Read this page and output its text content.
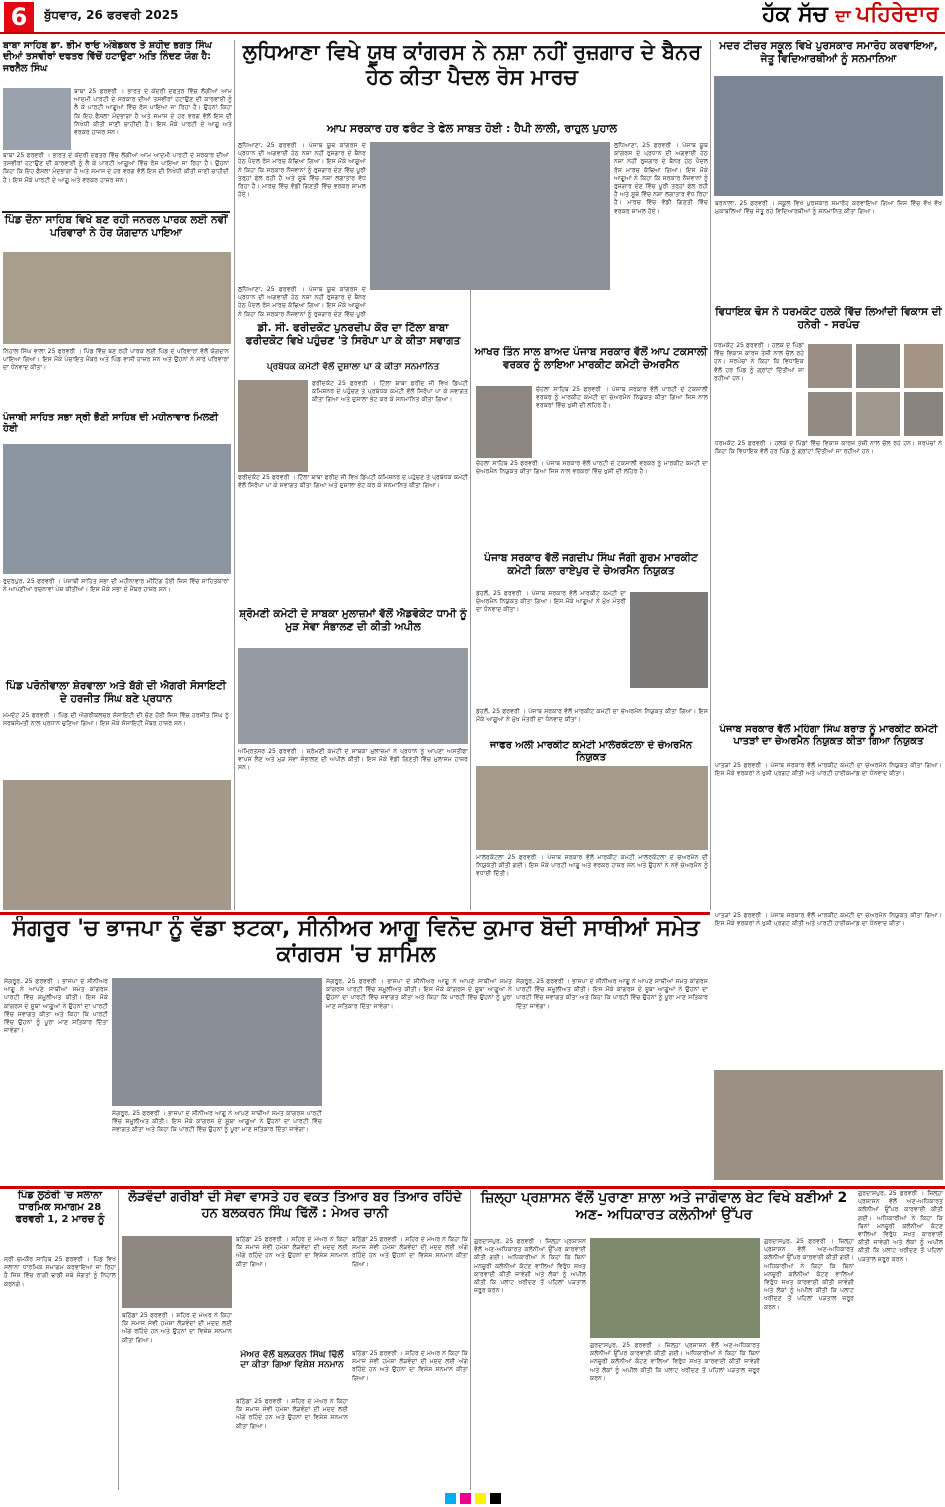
6	ਬੁੱਧਵਾਰ, 26 ਫਰਵਰੀ 2025	ਹੱਕ ਸੱਚ ਦਾ ਪਹਿਰੇਦਾਰ
ਬਾਬਾ ਸਾਹਿਬ ਡਾ. ਭੀਮ ਰਾਓ ਅੰਬੇਡਕਰ ਤੇ ਸ਼ਹੀਦ ਭਗਤ ਸਿੰਘ ਦੀਆਂ ਤਸਵੀਰਾਂ ਦਫਤਰ ਵਿੱਚੋਂ ਹਟਾਉਣਾ ਅਤਿ ਨਿੰਦਣ ਯੋਗ ਹੈ: ਜਰਨੈਲ ਸਿੰਘ
ਬਾਬਾ 25 ਫਰਵਰੀ । ਭਾਰਤ ਦੇ ਕੇਂਦਰੀ ਦਫਤਰ ਵਿੱਚ ਲੱਗੀਆਂ ਆਮ ਆਦਮੀ ਪਾਰਟੀ ਦੇ ਸਰਕਾਰ ਦੀਆਂ ਤਸਵੀਰਾਂ ਹਟਾਉਣ ਦੀ ਕਾਰਵਾਈ ਨੂੰ ਲੈ ਕੇ ਪਾਰਟੀ ਆਗੂਆਂ ਵਿੱਚ ਰੋਸ ਪਾਇਆ ਜਾ ਰਿਹਾ ਹੈ। ਉਹਨਾਂ ਕਿਹਾ ਕਿ ਇਹ ਫੈਸਲਾ ਮੰਦਭਾਗਾ ਹੈ ਅਤੇ ਸਮਾਜ ਦੇ ਹਰ ਵਰਗ ਵੱਲੋਂ ਇਸ ਦੀ ਨਿਖੇਧੀ ਕੀਤੀ ਜਾਣੀ ਚਾਹੀਦੀ ਹੈ। ਇਸ ਮੌਕੇ ਪਾਰਟੀ ਦੇ ਆਗੂ ਅਤੇ ਵਰਕਰ ਹਾਜ਼ਰ ਸਨ।
ਬਾਬਾ 25 ਫਰਵਰੀ । ਭਾਰਤ ਦੇ ਕੇਂਦਰੀ ਦਫਤਰ ਵਿੱਚ ਲੱਗੀਆਂ ਆਮ ਆਦਮੀ ਪਾਰਟੀ ਦੇ ਸਰਕਾਰ ਦੀਆਂ ਤਸਵੀਰਾਂ ਹਟਾਉਣ ਦੀ ਕਾਰਵਾਈ ਨੂੰ ਲੈ ਕੇ ਪਾਰਟੀ ਆਗੂਆਂ ਵਿੱਚ ਰੋਸ ਪਾਇਆ ਜਾ ਰਿਹਾ ਹੈ। ਉਹਨਾਂ ਕਿਹਾ ਕਿ ਇਹ ਫੈਸਲਾ ਮੰਦਭਾਗਾ ਹੈ ਅਤੇ ਸਮਾਜ ਦੇ ਹਰ ਵਰਗ ਵੱਲੋਂ ਇਸ ਦੀ ਨਿਖੇਧੀ ਕੀਤੀ ਜਾਣੀ ਚਾਹੀਦੀ ਹੈ। ਇਸ ਮੌਕੇ ਪਾਰਟੀ ਦੇ ਆਗੂ ਅਤੇ ਵਰਕਰ ਹਾਜ਼ਰ ਸਨ।
ਪਿੰਡ ਦੌਨਾ ਸਾਹਿਬ ਵਿਖੇ ਬਣ ਰਹੀ ਜਨਰਲ ਪਾਰਕ ਲਈ ਨਵੀਂ ਪਰਿਵਾਰਾਂ ਨੇ ਹੋਰ ਯੋਗਦਾਨ ਪਾਇਆ
ਨਿਹਾਲ ਸਿੰਘ ਵਾਲਾ 25 ਫਰਵਰੀ । ਪਿੰਡ ਵਿੱਚ ਬਣ ਰਹੀ ਪਾਰਕ ਲਈ ਪਿੰਡ ਦੇ ਪਰਿਵਾਰਾਂ ਵੱਲੋਂ ਯੋਗਦਾਨ ਪਾਇਆ ਗਿਆ। ਇਸ ਮੌਕੇ ਪੰਚਾਇਤ ਮੈਂਬਰ ਅਤੇ ਪਿੰਡ ਵਾਸੀ ਹਾਜ਼ਰ ਸਨ ਅਤੇ ਉਹਨਾਂ ਨੇ ਸਾਰੇ ਪਰਿਵਾਰਾਂ ਦਾ ਧੰਨਵਾਦ ਕੀਤਾ।
ਪੰਜਾਬੀ ਸਾਹਿਤ ਸਭਾ ਸ੍ਰੀ ਭੈਣੀ ਸਾਹਿਬ ਦੀ ਮਹੀਨਾਵਾਰ ਮਿਲਣੀ ਹੋਈ
ਰੁਦਰਪੁਰ, 25 ਫਰਵਰੀ । ਪੰਜਾਬੀ ਸਾਹਿਤ ਸਭਾ ਦੀ ਮਹੀਨਾਵਾਰ ਮੀਟਿੰਗ ਹੋਈ ਜਿਸ ਵਿੱਚ ਸਾਹਿਤਕਾਰਾਂ ਨੇ ਆਪਣੀਆਂ ਰਚਨਾਵਾਂ ਪੇਸ਼ ਕੀਤੀਆਂ। ਇਸ ਮੌਕੇ ਸਭਾ ਦੇ ਮੈਂਬਰ ਹਾਜ਼ਰ ਸਨ।
ਪਿੰਡ ਪਰੋਨੀਵਾਲਾ ਸ਼ੇਰਵਾਲਾ ਅਤੇ ਬੱਗੇ ਦੀ ਐਗਰੀ ਸੋਸਾਇਟੀ ਦੇ ਹਰਜੀਤ ਸਿੰਘ ਬਣੇ ਪ੍ਰਧਾਨ
ਮਮਦੋਟ 25 ਫਰਵਰੀ । ਪਿੰਡ ਦੀ ਐਗਰੀਕਲਚਰ ਸੋਸਾਇਟੀ ਦੀ ਚੋਣ ਹੋਈ ਜਿਸ ਵਿੱਚ ਹਰਜੀਤ ਸਿੰਘ ਨੂੰ ਸਰਬਸੰਮਤੀ ਨਾਲ ਪ੍ਰਧਾਨ ਚੁਣਿਆ ਗਿਆ। ਇਸ ਮੌਕੇ ਸੋਸਾਇਟੀ ਮੈਂਬਰ ਹਾਜ਼ਰ ਸਨ।
ਲੁਧਿਆਣਾ ਵਿਖੇ ਯੂਥ ਕਾਂਗਰਸ ਨੇ ਨਸ਼ਾ ਨਹੀਂ ਰੁਜ਼ਗਾਰ ਦੇ ਬੈਨਰ ਹੇਠ ਕੀਤਾ ਪੈਦਲ ਰੋਸ ਮਾਰਚ
ਆਪ ਸਰਕਾਰ ਹਰ ਫਰੰਟ ਤੇ ਫੇਲ ਸਾਬਤ ਹੋਈ : ਹੈਪੀ ਲਾਲੀ, ਰਾਹੁਲ ਪੁਹਾਲ
ਲੁਧਿਆਣਾ, 25 ਫਰਵਰੀ । ਪੰਜਾਬ ਯੂਥ ਕਾਂਗਰਸ ਦੇ ਪ੍ਰਧਾਨ ਦੀ ਅਗਵਾਈ ਹੇਠ ਨਸ਼ਾ ਨਹੀਂ ਰੁਜ਼ਗਾਰ ਦੇ ਬੈਨਰ ਹੇਠ ਪੈਦਲ ਰੋਸ ਮਾਰਚ ਕੱਢਿਆ ਗਿਆ। ਇਸ ਮੌਕੇ ਆਗੂਆਂ ਨੇ ਕਿਹਾ ਕਿ ਸਰਕਾਰ ਨੌਜਵਾਨਾਂ ਨੂੰ ਰੁਜ਼ਗਾਰ ਦੇਣ ਵਿੱਚ ਪੂਰੀ ਤਰ੍ਹਾਂ ਫੇਲ ਰਹੀ ਹੈ ਅਤੇ ਸੂਬੇ ਵਿੱਚ ਨਸ਼ਾ ਲਗਾਤਾਰ ਵੱਧ ਰਿਹਾ ਹੈ। ਮਾਰਚ ਵਿੱਚ ਵੱਡੀ ਗਿਣਤੀ ਵਿੱਚ ਵਰਕਰ ਸ਼ਾਮਲ ਹੋਏ।
ਲੁਧਿਆਣਾ, 25 ਫਰਵਰੀ । ਪੰਜਾਬ ਯੂਥ ਕਾਂਗਰਸ ਦੇ ਪ੍ਰਧਾਨ ਦੀ ਅਗਵਾਈ ਹੇਠ ਨਸ਼ਾ ਨਹੀਂ ਰੁਜ਼ਗਾਰ ਦੇ ਬੈਨਰ ਹੇਠ ਪੈਦਲ ਰੋਸ ਮਾਰਚ ਕੱਢਿਆ ਗਿਆ। ਇਸ ਮੌਕੇ ਆਗੂਆਂ ਨੇ ਕਿਹਾ ਕਿ ਸਰਕਾਰ ਨੌਜਵਾਨਾਂ ਨੂੰ ਰੁਜ਼ਗਾਰ ਦੇਣ ਵਿੱਚ ਪੂਰੀ ਤਰ੍ਹਾਂ ਫੇਲ ਰਹੀ ਹੈ ਅਤੇ ਸੂਬੇ ਵਿੱਚ ਨਸ਼ਾ ਲਗਾਤਾਰ ਵੱਧ ਰਿਹਾ ਹੈ। ਮਾਰਚ ਵਿੱਚ ਵੱਡੀ ਗਿਣਤੀ ਵਿੱਚ ਵਰਕਰ ਸ਼ਾਮਲ ਹੋਏ।
ਲੁਧਿਆਣਾ, 25 ਫਰਵਰੀ । ਪੰਜਾਬ ਯੂਥ ਕਾਂਗਰਸ ਦੇ ਪ੍ਰਧਾਨ ਦੀ ਅਗਵਾਈ ਹੇਠ ਨਸ਼ਾ ਨਹੀਂ ਰੁਜ਼ਗਾਰ ਦੇ ਬੈਨਰ ਹੇਠ ਪੈਦਲ ਰੋਸ ਮਾਰਚ ਕੱਢਿਆ ਗਿਆ। ਇਸ ਮੌਕੇ ਆਗੂਆਂ ਨੇ ਕਿਹਾ ਕਿ ਸਰਕਾਰ ਨੌਜਵਾਨਾਂ ਨੂੰ ਰੁਜ਼ਗਾਰ ਦੇਣ ਵਿੱਚ ਪੂਰੀ
ਡੀ. ਸੀ. ਫਰੀਦਕੋਟ ਪੁਨਰਦੀਪ ਕੌਰ ਦਾ ਟਿੱਲਾ ਬਾਬਾ ਫਰੀਦਕੋਟ ਵਿਖੇ ਪਹੁੰਚਣ 'ਤੇ ਸਿਰੋਪਾ ਪਾ ਕੇ ਕੀਤਾ ਸਵਾਗਤ
ਪ੍ਰਬੰਧਕ ਕਮੇਟੀ ਵੱਲੋਂ ਦੁਸ਼ਾਲਾ ਪਾ ਕੇ ਕੀਤਾ ਸਨਮਾਨਿਤ
ਫਰੀਦਕੋਟ 25 ਫਰਵਰੀ । ਟਿੱਲਾ ਬਾਬਾ ਫਰੀਦ ਜੀ ਵਿਖੇ ਡਿਪਟੀ ਕਮਿਸ਼ਨਰ ਦੇ ਪਹੁੰਚਣ ਤੇ ਪ੍ਰਬੰਧਕ ਕਮੇਟੀ ਵੱਲੋਂ ਸਿਰੋਪਾ ਪਾ ਕੇ ਸਵਾਗਤ ਕੀਤਾ ਗਿਆ ਅਤੇ ਦੁਸ਼ਾਲਾ ਭੇਟ ਕਰ ਕੇ ਸਨਮਾਨਿਤ ਕੀਤਾ ਗਿਆ।
ਫਰੀਦਕੋਟ 25 ਫਰਵਰੀ । ਟਿੱਲਾ ਬਾਬਾ ਫਰੀਦ ਜੀ ਵਿਖੇ ਡਿਪਟੀ ਕਮਿਸ਼ਨਰ ਦੇ ਪਹੁੰਚਣ ਤੇ ਪ੍ਰਬੰਧਕ ਕਮੇਟੀ ਵੱਲੋਂ ਸਿਰੋਪਾ ਪਾ ਕੇ ਸਵਾਗਤ ਕੀਤਾ ਗਿਆ ਅਤੇ ਦੁਸ਼ਾਲਾ ਭੇਟ ਕਰ ਕੇ ਸਨਮਾਨਿਤ ਕੀਤਾ ਗਿਆ।
ਸ਼੍ਰੋਮਣੀ ਕਮੇਟੀ ਦੇ ਸਾਬਕਾ ਮੁਲਾਜ਼ਮਾਂ ਵੱਲੋਂ ਐਡਵੋਕੇਟ ਧਾਮੀ ਨੂੰ ਮੁੜ ਸੇਵਾ ਸੰਭਾਲਣ ਦੀ ਕੀਤੀ ਅਪੀਲ
ਅੰਮ੍ਰਿਤਸਰ 25 ਫਰਵਰੀ । ਸ਼੍ਰੋਮਣੀ ਕਮੇਟੀ ਦੇ ਸਾਬਕਾ ਮੁਲਾਜ਼ਮਾਂ ਨੇ ਪ੍ਰਧਾਨ ਨੂੰ ਆਪਣਾ ਅਸਤੀਫਾ ਵਾਪਸ ਲੈਣ ਅਤੇ ਮੁੜ ਸੇਵਾ ਸੰਭਾਲਣ ਦੀ ਅਪੀਲ ਕੀਤੀ। ਇਸ ਮੌਕੇ ਵੱਡੀ ਗਿਣਤੀ ਵਿੱਚ ਮੁਲਾਜ਼ਮ ਹਾਜ਼ਰ ਸਨ।
ਆਖਰ ਤਿੰਨ ਸਾਲ ਬਾਅਦ ਪੰਜਾਬ ਸਰਕਾਰ ਵੱਲੋਂ ਆਪ ਟਕਸਾਲੀ ਵਰਕਰ ਨੂੰ ਲਾਇਆ ਮਾਰਕੀਟ ਕਮੇਟੀ ਚੇਅਰਮੈਨ
ਚੋਹਲਾ ਸਾਹਿਬ 25 ਫਰਵਰੀ । ਪੰਜਾਬ ਸਰਕਾਰ ਵੱਲੋਂ ਪਾਰਟੀ ਦੇ ਟਕਸਾਲੀ ਵਰਕਰ ਨੂੰ ਮਾਰਕੀਟ ਕਮੇਟੀ ਦਾ ਚੇਅਰਮੈਨ ਨਿਯੁਕਤ ਕੀਤਾ ਗਿਆ ਜਿਸ ਨਾਲ ਵਰਕਰਾਂ ਵਿੱਚ ਖੁਸ਼ੀ ਦੀ ਲਹਿਰ ਹੈ।
ਚੋਹਲਾ ਸਾਹਿਬ 25 ਫਰਵਰੀ । ਪੰਜਾਬ ਸਰਕਾਰ ਵੱਲੋਂ ਪਾਰਟੀ ਦੇ ਟਕਸਾਲੀ ਵਰਕਰ ਨੂੰ ਮਾਰਕੀਟ ਕਮੇਟੀ ਦਾ ਚੇਅਰਮੈਨ ਨਿਯੁਕਤ ਕੀਤਾ ਗਿਆ ਜਿਸ ਨਾਲ ਵਰਕਰਾਂ ਵਿੱਚ ਖੁਸ਼ੀ ਦੀ ਲਹਿਰ ਹੈ।
ਪੰਜਾਬ ਸਰਕਾਰ ਵੱਲੋਂ ਜਗਦੀਪ ਸਿੰਘ ਜੱਗੀ ਗੁਰਮ ਮਾਰਕੀਟ ਕਮੇਟੀ ਕਿਲਾ ਰਾਏਪੁਰ ਦੇ ਚੇਅਰਮੈਨ ਨਿਯੁਕਤ
ਡੇਹਲੋਂ, 25 ਫਰਵਰੀ । ਪੰਜਾਬ ਸਰਕਾਰ ਵੱਲੋਂ ਮਾਰਕੀਟ ਕਮੇਟੀ ਦਾ ਚੇਅਰਮੈਨ ਨਿਯੁਕਤ ਕੀਤਾ ਗਿਆ। ਇਸ ਮੌਕੇ ਆਗੂਆਂ ਨੇ ਮੁੱਖ ਮੰਤਰੀ ਦਾ ਧੰਨਵਾਦ ਕੀਤਾ।
ਡੇਹਲੋਂ, 25 ਫਰਵਰੀ । ਪੰਜਾਬ ਸਰਕਾਰ ਵੱਲੋਂ ਮਾਰਕੀਟ ਕਮੇਟੀ ਦਾ ਚੇਅਰਮੈਨ ਨਿਯੁਕਤ ਕੀਤਾ ਗਿਆ। ਇਸ ਮੌਕੇ ਆਗੂਆਂ ਨੇ ਮੁੱਖ ਮੰਤਰੀ ਦਾ ਧੰਨਵਾਦ ਕੀਤਾ।
ਜਾਫਰ ਅਲੀ ਮਾਰਕੀਟ ਕਮੇਟੀ ਮਾਲੇਰਕੋਟਲਾ ਦੇ ਚੇਅਰਮੈਨ ਨਿਯੁਕਤ
ਮਾਲੇਰਕੋਟਲਾ 25 ਫਰਵਰੀ । ਪੰਜਾਬ ਸਰਕਾਰ ਵੱਲੋਂ ਮਾਰਕੀਟ ਕਮੇਟੀ ਮਾਲੇਰਕੋਟਲਾ ਦੇ ਚੇਅਰਮੈਨ ਦੀ ਨਿਯੁਕਤੀ ਕੀਤੀ ਗਈ। ਇਸ ਮੌਕੇ ਪਾਰਟੀ ਆਗੂ ਅਤੇ ਵਰਕਰ ਹਾਜ਼ਰ ਸਨ ਅਤੇ ਉਹਨਾਂ ਨੇ ਨਵੇਂ ਚੇਅਰਮੈਨ ਨੂੰ ਵਧਾਈ ਦਿੱਤੀ।
ਮਦਰ ਟੀਚਰ ਸਕੂਲ ਵਿਖੇ ਪੁਰਸਕਾਰ ਸਮਾਰੋਹ ਕਰਵਾਇਆ, ਜੇਤੂ ਵਿਦਿਆਰਥੀਆਂ ਨੂੰ ਸਨਮਾਨਿਆ
ਬਰਨਾਲਾ, 25 ਫਰਵਰੀ । ਸਕੂਲ ਵਿਖੇ ਪੁਰਸਕਾਰ ਸਮਾਰੋਹ ਕਰਵਾਇਆ ਗਿਆ ਜਿਸ ਵਿੱਚ ਵੱਖ ਵੱਖ ਮੁਕਾਬਲਿਆਂ ਵਿੱਚ ਜੇਤੂ ਰਹੇ ਵਿਦਿਆਰਥੀਆਂ ਨੂੰ ਸਨਮਾਨਿਤ ਕੀਤਾ ਗਿਆ।
ਵਿਧਾਇਕ ਢੋਸ ਨੇ ਧਰਮਕੋਟ ਹਲਕੇ ਵਿੱਚ ਲਿਆਂਦੀ ਵਿਕਾਸ ਦੀ ਹਨੇਰੀ - ਸਰਪੰਚ
ਧਰਮਕੋਟ 25 ਫਰਵਰੀ । ਹਲਕੇ ਦੇ ਪਿੰਡਾਂ ਵਿੱਚ ਵਿਕਾਸ ਕਾਰਜ ਤੇਜ਼ੀ ਨਾਲ ਚੱਲ ਰਹੇ ਹਨ। ਸਰਪੰਚਾਂ ਨੇ ਕਿਹਾ ਕਿ ਵਿਧਾਇਕ ਵੱਲੋਂ ਹਰ ਪਿੰਡ ਨੂੰ ਗ੍ਰਾਂਟਾਂ ਦਿੱਤੀਆਂ ਜਾ ਰਹੀਆਂ ਹਨ।
ਧਰਮਕੋਟ 25 ਫਰਵਰੀ । ਹਲਕੇ ਦੇ ਪਿੰਡਾਂ ਵਿੱਚ ਵਿਕਾਸ ਕਾਰਜ ਤੇਜ਼ੀ ਨਾਲ ਚੱਲ ਰਹੇ ਹਨ। ਸਰਪੰਚਾਂ ਨੇ ਕਿਹਾ ਕਿ ਵਿਧਾਇਕ ਵੱਲੋਂ ਹਰ ਪਿੰਡ ਨੂੰ ਗ੍ਰਾਂਟਾਂ ਦਿੱਤੀਆਂ ਜਾ ਰਹੀਆਂ ਹਨ।
ਪੰਜਾਬ ਸਰਕਾਰ ਵੱਲੋਂ ਮਹਿੰਗਾ ਸਿੰਘ ਬਰਾੜ ਨੂੰ ਮਾਰਕੀਟ ਕਮੇਟੀ ਪਾਤੜਾਂ ਦਾ ਚੇਅਰਮੈਨ ਨਿਯੁਕਤ ਕੀਤਾ ਗਿਆ ਨਿਯੁਕਤ
ਪਾਤੜਾਂ 25 ਫਰਵਰੀ । ਪੰਜਾਬ ਸਰਕਾਰ ਵੱਲੋਂ ਮਾਰਕੀਟ ਕਮੇਟੀ ਦਾ ਚੇਅਰਮੈਨ ਨਿਯੁਕਤ ਕੀਤਾ ਗਿਆ। ਇਸ ਮੌਕੇ ਵਰਕਰਾਂ ਨੇ ਖੁਸ਼ੀ ਪ੍ਰਗਟ ਕੀਤੀ ਅਤੇ ਪਾਰਟੀ ਹਾਈਕਮਾਂਡ ਦਾ ਧੰਨਵਾਦ ਕੀਤਾ।
ਸੰਗਰੂਰ 'ਚ ਭਾਜਪਾ ਨੂੰ ਵੱਡਾ ਝਟਕਾ, ਸੀਨੀਅਰ ਆਗੂ ਵਿਨੋਦ ਕੁਮਾਰ ਬੋਦੀ ਸਾਥੀਆਂ ਸਮੇਤ ਕਾਂਗਰਸ 'ਚ ਸ਼ਾਮਿਲ
ਸੰਗਰੂਰ, 25 ਫਰਵਰੀ । ਭਾਜਪਾ ਦੇ ਸੀਨੀਅਰ ਆਗੂ ਨੇ ਆਪਣੇ ਸਾਥੀਆਂ ਸਮੇਤ ਕਾਂਗਰਸ ਪਾਰਟੀ ਵਿੱਚ ਸ਼ਮੂਲੀਅਤ ਕੀਤੀ। ਇਸ ਮੌਕੇ ਕਾਂਗਰਸ ਦੇ ਸੂਬਾ ਆਗੂਆਂ ਨੇ ਉਹਨਾਂ ਦਾ ਪਾਰਟੀ ਵਿੱਚ ਸਵਾਗਤ ਕੀਤਾ ਅਤੇ ਕਿਹਾ ਕਿ ਪਾਰਟੀ ਵਿੱਚ ਉਹਨਾਂ ਨੂੰ ਪੂਰਾ ਮਾਣ ਸਤਿਕਾਰ ਦਿੱਤਾ ਜਾਵੇਗਾ।
ਸੰਗਰੂਰ, 25 ਫਰਵਰੀ । ਭਾਜਪਾ ਦੇ ਸੀਨੀਅਰ ਆਗੂ ਨੇ ਆਪਣੇ ਸਾਥੀਆਂ ਸਮੇਤ ਕਾਂਗਰਸ ਪਾਰਟੀ ਵਿੱਚ ਸ਼ਮੂਲੀਅਤ ਕੀਤੀ। ਇਸ ਮੌਕੇ ਕਾਂਗਰਸ ਦੇ ਸੂਬਾ ਆਗੂਆਂ ਨੇ ਉਹਨਾਂ ਦਾ ਪਾਰਟੀ ਵਿੱਚ ਸਵਾਗਤ ਕੀਤਾ ਅਤੇ ਕਿਹਾ ਕਿ ਪਾਰਟੀ ਵਿੱਚ ਉਹਨਾਂ ਨੂੰ ਪੂਰਾ ਮਾਣ ਸਤਿਕਾਰ ਦਿੱਤਾ ਜਾਵੇਗਾ।
ਸੰਗਰੂਰ, 25 ਫਰਵਰੀ । ਭਾਜਪਾ ਦੇ ਸੀਨੀਅਰ ਆਗੂ ਨੇ ਆਪਣੇ ਸਾਥੀਆਂ ਸਮੇਤ ਕਾਂਗਰਸ ਪਾਰਟੀ ਵਿੱਚ ਸ਼ਮੂਲੀਅਤ ਕੀਤੀ। ਇਸ ਮੌਕੇ ਕਾਂਗਰਸ ਦੇ ਸੂਬਾ ਆਗੂਆਂ ਨੇ ਉਹਨਾਂ ਦਾ ਪਾਰਟੀ ਵਿੱਚ ਸਵਾਗਤ ਕੀਤਾ ਅਤੇ ਕਿਹਾ ਕਿ ਪਾਰਟੀ ਵਿੱਚ ਉਹਨਾਂ ਨੂੰ ਪੂਰਾ ਮਾਣ ਸਤਿਕਾਰ ਦਿੱਤਾ ਜਾਵੇਗਾ।
ਸੰਗਰੂਰ, 25 ਫਰਵਰੀ । ਭਾਜਪਾ ਦੇ ਸੀਨੀਅਰ ਆਗੂ ਨੇ ਆਪਣੇ ਸਾਥੀਆਂ ਸਮੇਤ ਕਾਂਗਰਸ ਪਾਰਟੀ ਵਿੱਚ ਸ਼ਮੂਲੀਅਤ ਕੀਤੀ। ਇਸ ਮੌਕੇ ਕਾਂਗਰਸ ਦੇ ਸੂਬਾ ਆਗੂਆਂ ਨੇ ਉਹਨਾਂ ਦਾ ਪਾਰਟੀ ਵਿੱਚ ਸਵਾਗਤ ਕੀਤਾ ਅਤੇ ਕਿਹਾ ਕਿ ਪਾਰਟੀ ਵਿੱਚ ਉਹਨਾਂ ਨੂੰ ਪੂਰਾ ਮਾਣ ਸਤਿਕਾਰ ਦਿੱਤਾ ਜਾਵੇਗਾ।
ਪਾਤੜਾਂ 25 ਫਰਵਰੀ । ਪੰਜਾਬ ਸਰਕਾਰ ਵੱਲੋਂ ਮਾਰਕੀਟ ਕਮੇਟੀ ਦਾ ਚੇਅਰਮੈਨ ਨਿਯੁਕਤ ਕੀਤਾ ਗਿਆ। ਇਸ ਮੌਕੇ ਵਰਕਰਾਂ ਨੇ ਖੁਸ਼ੀ ਪ੍ਰਗਟ ਕੀਤੀ ਅਤੇ ਪਾਰਟੀ ਹਾਈਕਮਾਂਡ ਦਾ ਧੰਨਵਾਦ ਕੀਤਾ।
ਪਿੰਡ ਲੁਠੇਰੀ 'ਚ ਸਲਾਨਾ ਧਾਰਮਿਕ ਸਮਾਗਮ 28 ਫਰਵਰੀ 1, 2 ਮਾਰਚ ਨੂੰ
ਸ੍ਰੀ ਚਮਕੌਰ ਸਾਹਿਬ 25 ਫਰਵਰੀ । ਪਿੰਡ ਵਿਖੇ ਸਲਾਨਾ ਧਾਰਮਿਕ ਸਮਾਗਮ ਕਰਵਾਇਆ ਜਾ ਰਿਹਾ ਹੈ ਜਿਸ ਵਿੱਚ ਰਾਗੀ ਢਾਡੀ ਜਥੇ ਸੰਗਤਾਂ ਨੂੰ ਨਿਹਾਲ ਕਰਨਗੇ।
ਲੋੜਵੰਦਾਂ ਗਰੀਬਾਂ ਦੀ ਸੇਵਾ ਵਾਸਤੇ ਹਰ ਵਕਤ ਤਿਆਰ ਬਰ ਤਿਆਰ ਰਹਿੰਦੇ ਹਨ ਬਲਕਰਨ ਸਿੰਘ ਢਿੱਲੋਂ : ਮੇਅਰ ਚਾਨੀ
ਬਠਿੰਡਾ 25 ਫਰਵਰੀ । ਸ਼ਹਿਰ ਦੇ ਮੇਅਰ ਨੇ ਕਿਹਾ ਕਿ ਸਮਾਜ ਸੇਵੀ ਹਮੇਸ਼ਾ ਲੋੜਵੰਦਾਂ ਦੀ ਮਦਦ ਲਈ ਅੱਗੇ ਰਹਿੰਦੇ ਹਨ ਅਤੇ ਉਹਨਾਂ ਦਾ ਵਿਸ਼ੇਸ਼ ਸਨਮਾਨ ਕੀਤਾ ਗਿਆ।
ਬਠਿੰਡਾ 25 ਫਰਵਰੀ । ਸ਼ਹਿਰ ਦੇ ਮੇਅਰ ਨੇ ਕਿਹਾ ਕਿ ਸਮਾਜ ਸੇਵੀ ਹਮੇਸ਼ਾ ਲੋੜਵੰਦਾਂ ਦੀ ਮਦਦ ਲਈ ਅੱਗੇ ਰਹਿੰਦੇ ਹਨ ਅਤੇ ਉਹਨਾਂ ਦਾ ਵਿਸ਼ੇਸ਼ ਸਨਮਾਨ ਕੀਤਾ ਗਿਆ।
ਬਠਿੰਡਾ 25 ਫਰਵਰੀ । ਸ਼ਹਿਰ ਦੇ ਮੇਅਰ ਨੇ ਕਿਹਾ ਕਿ ਸਮਾਜ ਸੇਵੀ ਹਮੇਸ਼ਾ ਲੋੜਵੰਦਾਂ ਦੀ ਮਦਦ ਲਈ ਅੱਗੇ ਰਹਿੰਦੇ ਹਨ ਅਤੇ ਉਹਨਾਂ ਦਾ ਵਿਸ਼ੇਸ਼ ਸਨਮਾਨ ਕੀਤਾ ਗਿਆ।
ਮੇਅਰ ਵੱਲੋਂ ਬਲਕਰਨ ਸਿੰਘ ਢਿੱਲੋਂ ਦਾ ਕੀਤਾ ਗਿਆ ਵਿਸ਼ੇਸ਼ ਸਨਮਾਨ
ਬਠਿੰਡਾ 25 ਫਰਵਰੀ । ਸ਼ਹਿਰ ਦੇ ਮੇਅਰ ਨੇ ਕਿਹਾ ਕਿ ਸਮਾਜ ਸੇਵੀ ਹਮੇਸ਼ਾ ਲੋੜਵੰਦਾਂ ਦੀ ਮਦਦ ਲਈ ਅੱਗੇ ਰਹਿੰਦੇ ਹਨ ਅਤੇ ਉਹਨਾਂ ਦਾ ਵਿਸ਼ੇਸ਼ ਸਨਮਾਨ ਕੀਤਾ ਗਿਆ।
ਬਠਿੰਡਾ 25 ਫਰਵਰੀ । ਸ਼ਹਿਰ ਦੇ ਮੇਅਰ ਨੇ ਕਿਹਾ ਕਿ ਸਮਾਜ ਸੇਵੀ ਹਮੇਸ਼ਾ ਲੋੜਵੰਦਾਂ ਦੀ ਮਦਦ ਲਈ ਅੱਗੇ ਰਹਿੰਦੇ ਹਨ ਅਤੇ ਉਹਨਾਂ ਦਾ ਵਿਸ਼ੇਸ਼ ਸਨਮਾਨ ਕੀਤਾ ਗਿਆ।
ਜ਼ਿਲ੍ਹਾ ਪ੍ਰਸ਼ਾਸਨ ਵੱਲੋਂ ਪੁਰਾਣਾ ਸ਼ਾਲਾ ਅਤੇ ਜਾਗੋਵਾਲ ਬੇਟ ਵਿਖੇ ਬਣੀਆਂ 2 ਅਣ- ਅਧਿਕਾਰਤ ਕਲੋਨੀਆਂ ਉੱਪਰ
ਗੁਰਦਾਸਪੁਰ, 25 ਫਰਵਰੀ । ਜ਼ਿਲ੍ਹਾ ਪ੍ਰਸ਼ਾਸਨ ਵੱਲੋਂ ਅਣ-ਅਧਿਕਾਰਤ ਕਲੋਨੀਆਂ ਉੱਪਰ ਕਾਰਵਾਈ ਕੀਤੀ ਗਈ। ਅਧਿਕਾਰੀਆਂ ਨੇ ਕਿਹਾ ਕਿ ਬਿਨਾਂ ਮਨਜ਼ੂਰੀ ਕਲੋਨੀਆਂ ਕੱਟਣ ਵਾਲਿਆਂ ਵਿਰੁੱਧ ਸਖਤ ਕਾਰਵਾਈ ਕੀਤੀ ਜਾਵੇਗੀ ਅਤੇ ਲੋਕਾਂ ਨੂੰ ਅਪੀਲ ਕੀਤੀ ਕਿ ਪਲਾਟ ਖਰੀਦਣ ਤੋਂ ਪਹਿਲਾਂ ਪੜਤਾਲ ਜ਼ਰੂਰ ਕਰਨ।
ਗੁਰਦਾਸਪੁਰ, 25 ਫਰਵਰੀ । ਜ਼ਿਲ੍ਹਾ ਪ੍ਰਸ਼ਾਸਨ ਵੱਲੋਂ ਅਣ-ਅਧਿਕਾਰਤ ਕਲੋਨੀਆਂ ਉੱਪਰ ਕਾਰਵਾਈ ਕੀਤੀ ਗਈ। ਅਧਿਕਾਰੀਆਂ ਨੇ ਕਿਹਾ ਕਿ ਬਿਨਾਂ ਮਨਜ਼ੂਰੀ ਕਲੋਨੀਆਂ ਕੱਟਣ ਵਾਲਿਆਂ ਵਿਰੁੱਧ ਸਖਤ ਕਾਰਵਾਈ ਕੀਤੀ ਜਾਵੇਗੀ ਅਤੇ ਲੋਕਾਂ ਨੂੰ ਅਪੀਲ ਕੀਤੀ ਕਿ ਪਲਾਟ ਖਰੀਦਣ ਤੋਂ ਪਹਿਲਾਂ ਪੜਤਾਲ ਜ਼ਰੂਰ ਕਰਨ।
ਗੁਰਦਾਸਪੁਰ, 25 ਫਰਵਰੀ । ਜ਼ਿਲ੍ਹਾ ਪ੍ਰਸ਼ਾਸਨ ਵੱਲੋਂ ਅਣ-ਅਧਿਕਾਰਤ ਕਲੋਨੀਆਂ ਉੱਪਰ ਕਾਰਵਾਈ ਕੀਤੀ ਗਈ। ਅਧਿਕਾਰੀਆਂ ਨੇ ਕਿਹਾ ਕਿ ਬਿਨਾਂ ਮਨਜ਼ੂਰੀ ਕਲੋਨੀਆਂ ਕੱਟਣ ਵਾਲਿਆਂ ਵਿਰੁੱਧ ਸਖਤ ਕਾਰਵਾਈ ਕੀਤੀ ਜਾਵੇਗੀ ਅਤੇ ਲੋਕਾਂ ਨੂੰ ਅਪੀਲ ਕੀਤੀ ਕਿ ਪਲਾਟ ਖਰੀਦਣ ਤੋਂ ਪਹਿਲਾਂ ਪੜਤਾਲ ਜ਼ਰੂਰ ਕਰਨ।
ਗੁਰਦਾਸਪੁਰ, 25 ਫਰਵਰੀ । ਜ਼ਿਲ੍ਹਾ ਪ੍ਰਸ਼ਾਸਨ ਵੱਲੋਂ ਅਣ-ਅਧਿਕਾਰਤ ਕਲੋਨੀਆਂ ਉੱਪਰ ਕਾਰਵਾਈ ਕੀਤੀ ਗਈ। ਅਧਿਕਾਰੀਆਂ ਨੇ ਕਿਹਾ ਕਿ ਬਿਨਾਂ ਮਨਜ਼ੂਰੀ ਕਲੋਨੀਆਂ ਕੱਟਣ ਵਾਲਿਆਂ ਵਿਰੁੱਧ ਸਖਤ ਕਾਰਵਾਈ ਕੀਤੀ ਜਾਵੇਗੀ ਅਤੇ ਲੋਕਾਂ ਨੂੰ ਅਪੀਲ ਕੀਤੀ ਕਿ ਪਲਾਟ ਖਰੀਦਣ ਤੋਂ ਪਹਿਲਾਂ ਪੜਤਾਲ ਜ਼ਰੂਰ ਕਰਨ।
